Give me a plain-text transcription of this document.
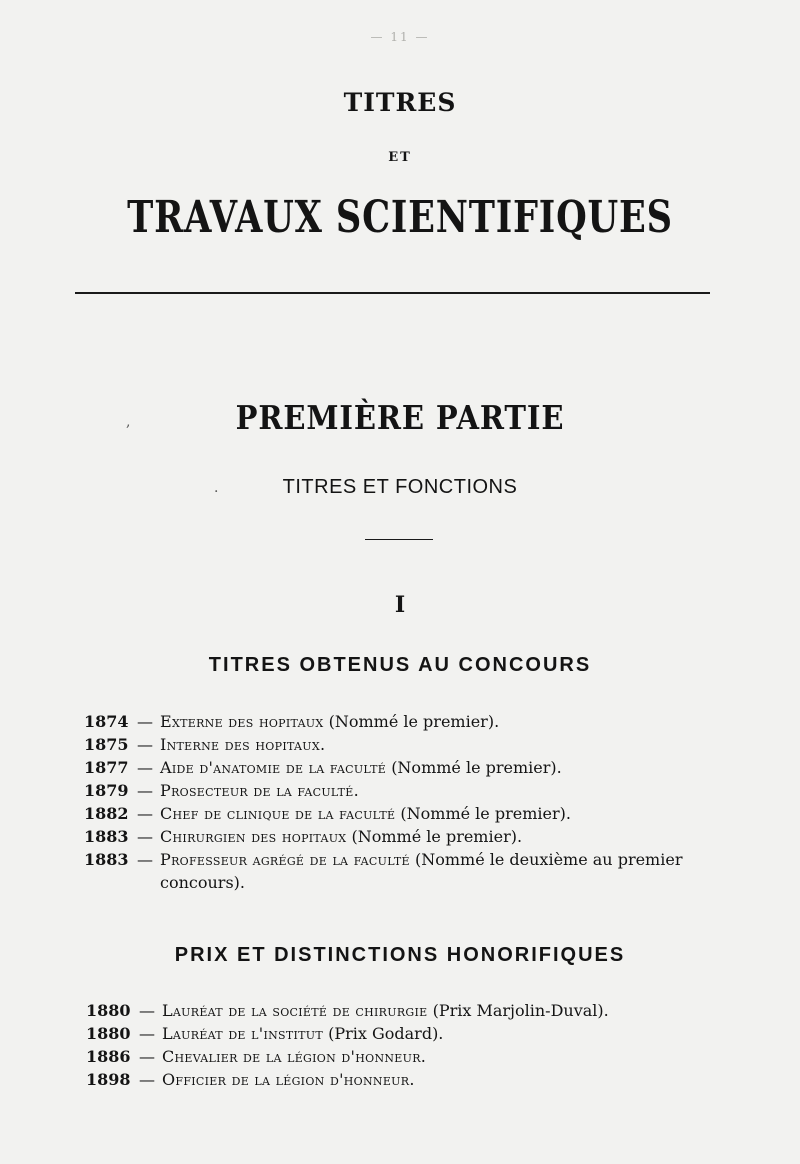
— 11 —
TITRES
ET
TRAVAUX SCIENTIFIQUES
,
·
PREMIÈRE PARTIE
TITRES ET FONCTIONS
I
TITRES OBTENUS AU CONCOURS
1874 — Externe des hopitaux (Nommé le premier).
1875 — Interne des hopitaux.
1877 — Aide d'anatomie de la faculté (Nommé le premier).
1879 — Prosecteur de la faculté.
1882 — Chef de clinique de la faculté (Nommé le premier).
1883 — Chirurgien des hopitaux (Nommé le premier).
1883 — Professeur agrégé de la faculté (Nommé le deuxième au premier
concours).
PRIX ET DISTINCTIONS HONORIFIQUES
1880 — Lauréat de la société de chirurgie (Prix Marjolin-Duval).
1880 — Lauréat de l'institut (Prix Godard).
1886 — Chevalier de la légion d'honneur.
1898 — Officier de la légion d'honneur.
